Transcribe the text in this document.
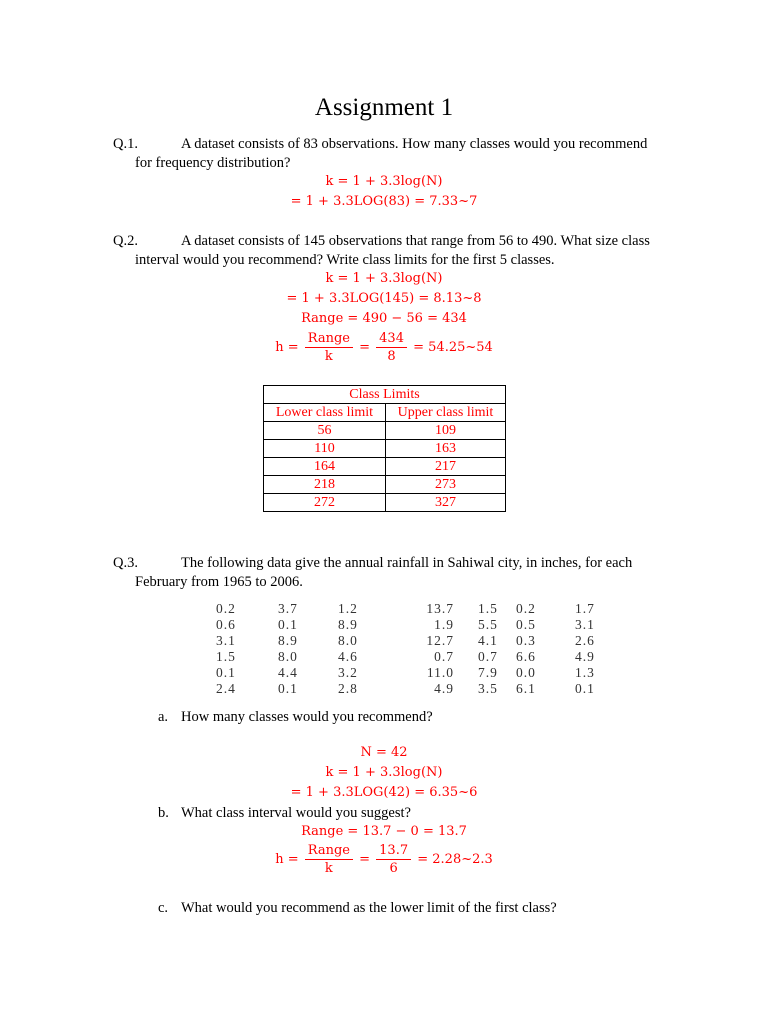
Assignment 1
Q.1.	A dataset consists of 83 observations. How many classes would you recommend
for frequency distribution?
k = 1 + 3.3log(N)
= 1 + 3.3LOG(83) = 7.33~7
Q.2.	A dataset consists of 145 observations that range from 56 to 490. What size class
interval would you recommend? Write class limits for the first 5 classes.
k = 1 + 3.3log(N)
= 1 + 3.3LOG(145) = 8.13~8
Range = 490 − 56 = 434
$h = \frac{\text{Range}}{k} = \frac{434}{8}$ = 54.25~54
Class Limits	
Lower class limit	Upper class limit
56	109
110	163
164	217
218	273
272	327
Q.3.	The following data give the annual rainfall in Sahiwal city, in inches, for each
February from 1965 to 2006.
0.2	3.7	1.2	13.7	1.5	0.2	1.7
0.6	0.1	8.9	1.9	5.5	0.5	3.1
3.1	8.9	8.0	12.7	4.1	0.3	2.6
1.5	8.0	4.6	0.7	0.7	6.6	4.9
0.1	4.4	3.2	11.0	7.9	0.0	1.3
2.4	0.1	2.8	4.9	3.5	6.1	0.1
a. How many classes would you recommend?
N = 42
k = 1 + 3.3log(N)
= 1 + 3.3LOG(42) = 6.35~6
b. What class interval would you suggest?
Range = 13.7 − 0 = 13.7
$h = \frac{\text{Range}}{k} = \frac{13.7}{6}$ = 2.28~2.3
c. What would you recommend as the lower limit of the first class?
